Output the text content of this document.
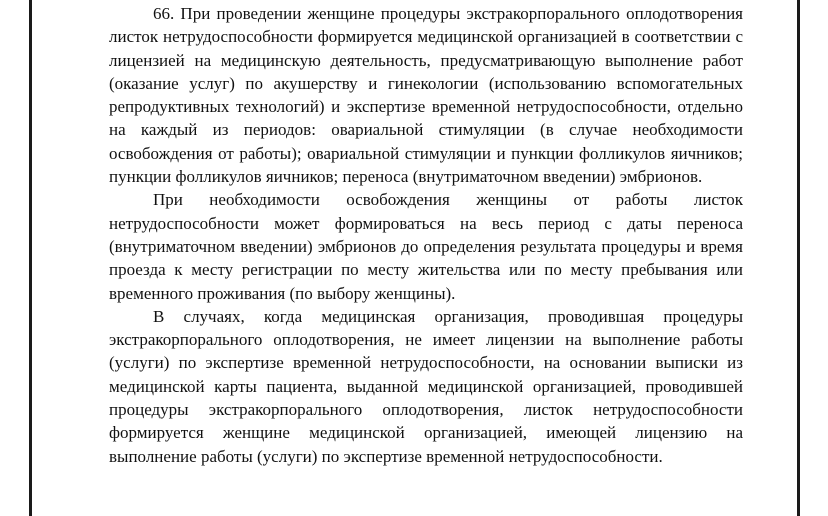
66. При проведении женщине процедуры экстракорпорального оплодотворения листок нетрудоспособности формируется медицинской организацией в соответствии с лицензией на медицинскую деятельность, предусматривающую выполнение работ (оказание услуг) по акушерству и гинекологии (использованию вспомогательных репродуктивных технологий) и экспертизе временной нетрудоспособности, отдельно на каждый из периодов: овариальной стимуляции (в случае необходимости освобождения от работы); овариальной стимуляции и пункции фолликулов яичников; пункции фолликулов яичников; переноса (внутриматочном введении) эмбрионов.

При необходимости освобождения женщины от работы листок нетрудоспособности может формироваться на весь период с даты переноса (внутриматочном введении) эмбрионов до определения результата процедуры и время проезда к месту регистрации по месту жительства или по месту пребывания или временного проживания (по выбору женщины).

В случаях, когда медицинская организация, проводившая процедуры экстракорпорального оплодотворения, не имеет лицензии на выполнение работы (услуги) по экспертизе временной нетрудоспособности, на основании выписки из медицинской карты пациента, выданной медицинской организацией, проводившей процедуры экстракорпорального оплодотворения, листок нетрудоспособности формируется женщине медицинской организацией, имеющей лицензию на выполнение работы (услуги) по экспертизе временной нетрудоспособности.
